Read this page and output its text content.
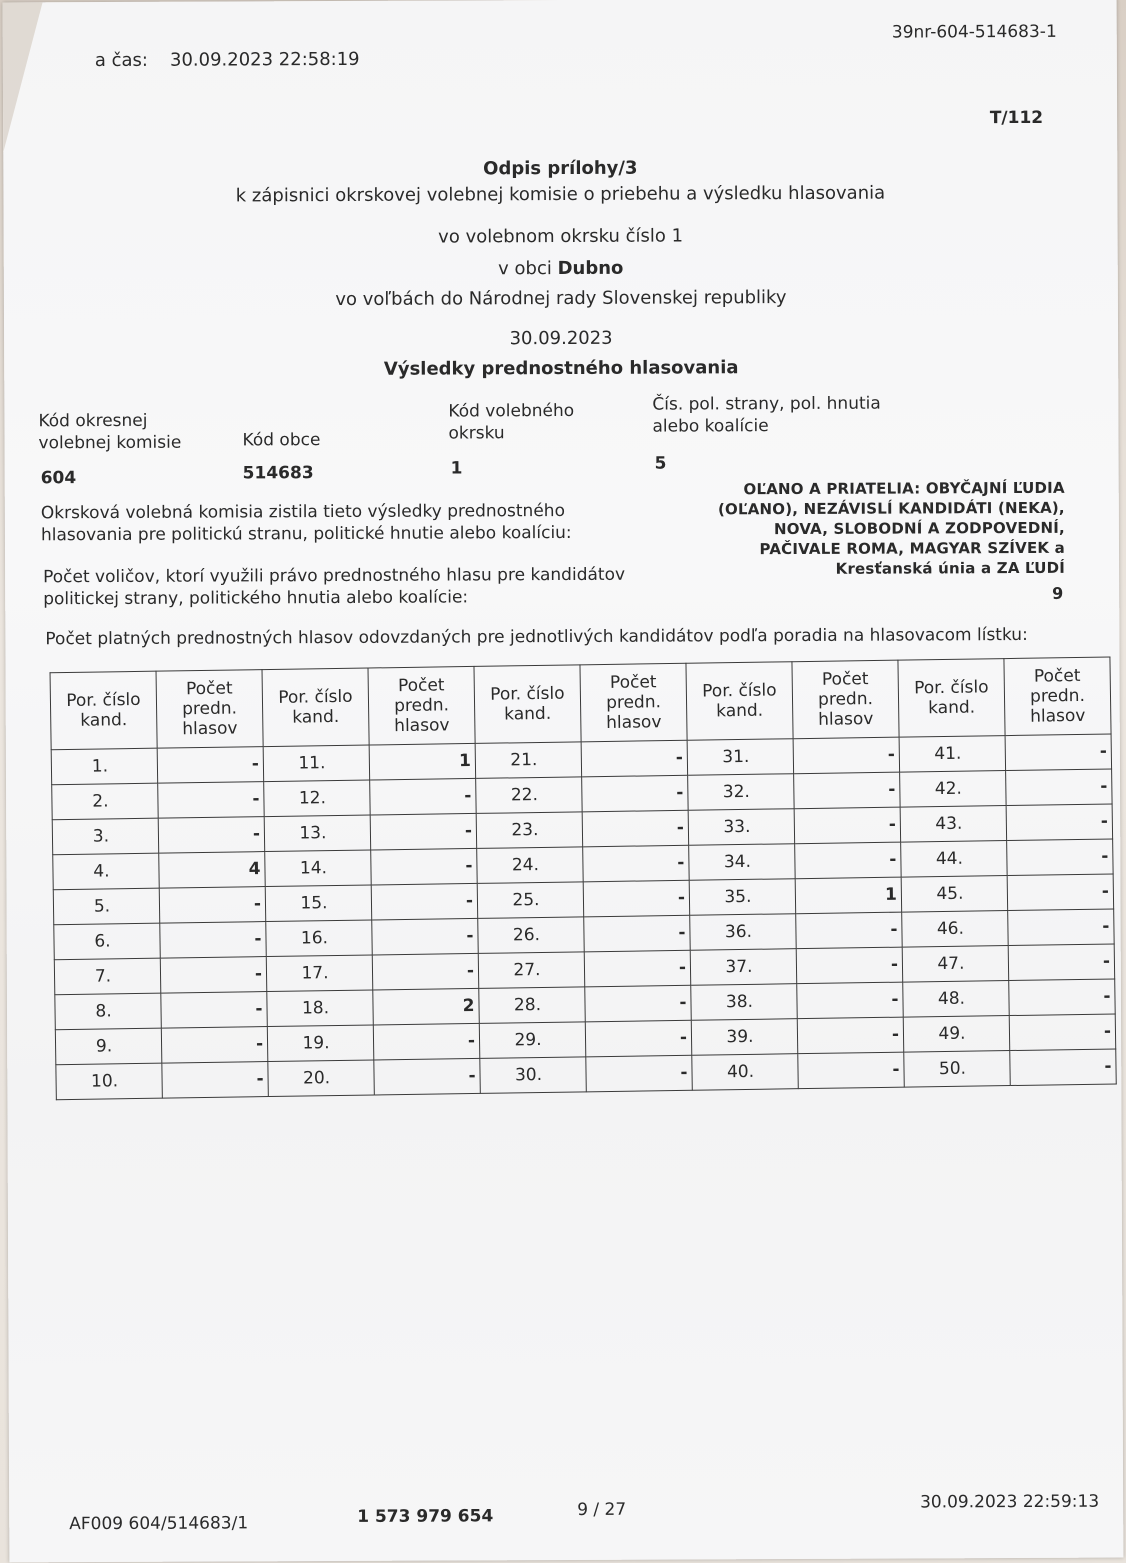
a čas: 30.09.2023 22:58:19
39nr-604-514683-1
T/112
Odpis prílohy/3
k zápisnici okrskovej volebnej komisie o priebehu a výsledku hlasovania
vo volebnom okrsku číslo 1
v obci Dubno
vo voľbách do Národnej rady Slovenskej republiky
30.09.2023
Výsledky prednostného hlasovania
Kód okresnej volebnej komisie	Kód obce
Kód volebného okrsku
Čís. pol. strany, pol. hnutia alebo koalície
604	514683	1	5
Okrsková volebná komisia zistila tieto výsledky prednostného hlasovania pre politickú stranu, politické hnutie alebo koalíciu:
OĽANO A PRIATELIA: OBYČAJNÍ ĽUDIA
(OĽANO), NEZÁVISLÍ KANDIDÁTI (NEKA),
NOVA, SLOBODNÍ A ZODPOVEDNÍ,
PAČIVALE ROMA, MAGYAR SZÍVEK a
Kresťanská únia a ZA ĽUDÍ
Počet voličov, ktorí využili právo prednostného hlasu pre kandidátov politickej strany, politického hnutia alebo koalície:	9
Počet platných prednostných hlasov odovzdaných pre jednotlivých kandidátov podľa poradia na hlasovacom lístku:
Por. číslo kand.	Počet predn. hlasov	Por. číslo kand.	Počet predn. hlasov	Por. číslo kand.	Počet predn. hlasov	Por. číslo kand.	Počet predn. hlasov	Por. číslo kand.	Počet predn. hlasov
1.	-	11.	1	21.	-	31.	-	41.	-
2.	-	12.	-	22.	-	32.	-	42.	-
3.	-	13.	-	23.	-	33.	-	43.	-
4.	4	14.	-	24.	-	34.	-	44.	-
5.	-	15.	-	25.	-	35.	1	45.	-
6.	-	16.	-	26.	-	36.	-	46.	-
7.	-	17.	-	27.	-	37.	-	47.	-
8.	-	18.	2	28.	-	38.	-	48.	-
9.	-	19.	-	29.	-	39.	-	49.	-
10.	-	20.	-	30.	-	40.	-	50.	-
AF009 604/514683/1	1 573 979 654	9 / 27	30.09.2023 22:59:13
